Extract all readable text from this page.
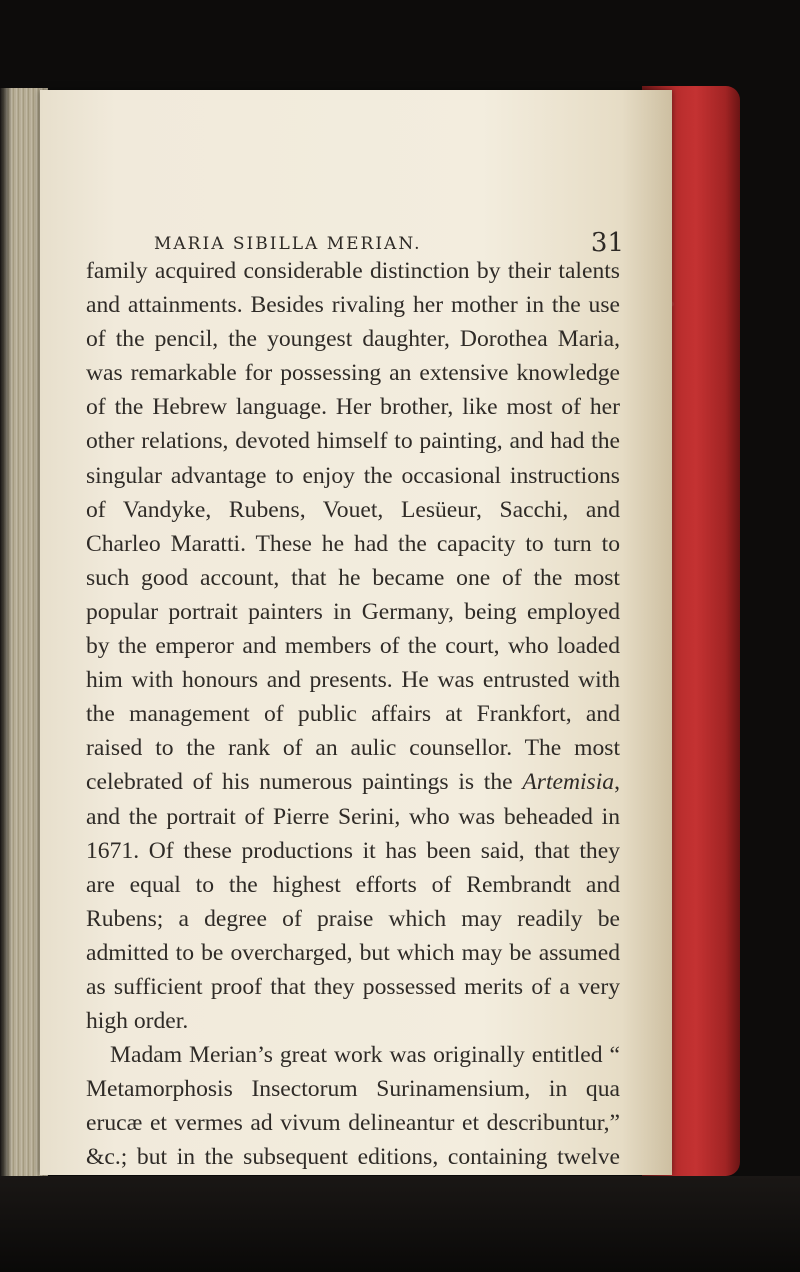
MARIA SIBILLA MERIAN.	31

family acquired considerable distinction by their talents and attainments. Besides rivaling her mother in the use of the pencil, the youngest daughter, Dorothea Maria, was remarkable for possessing an extensive knowledge of the Hebrew language. Her brother, like most of her other relations, devoted himself to painting, and had the singular advantage to enjoy the occasional instructions of Vandyke, Rubens, Vouet, Lesüeur, Sacchi, and Charleo Maratti. These he had the capacity to turn to such good account, that he became one of the most popular portrait painters in Germany, being employed by the emperor and members of the court, who loaded him with honours and presents. He was entrusted with the management of public affairs at Frankfort, and raised to the rank of an aulic counsellor. The most celebrated of his numerous paintings is the Artemisia, and the portrait of Pierre Serini, who was beheaded in 1671. Of these productions it has been said, that they are equal to the highest efforts of Rembrandt and Rubens; a degree of praise which may readily be admitted to be overcharged, but which may be assumed as sufficient proof that they possessed merits of a very high order.

Madam Merian’s great work was originally entitled “ Metamorphosis Insectorum Surinamensium, in qua erucæ et vermes ad vivum delineantur et describuntur,” &c.; but in the subsequent editions, containing twelve
